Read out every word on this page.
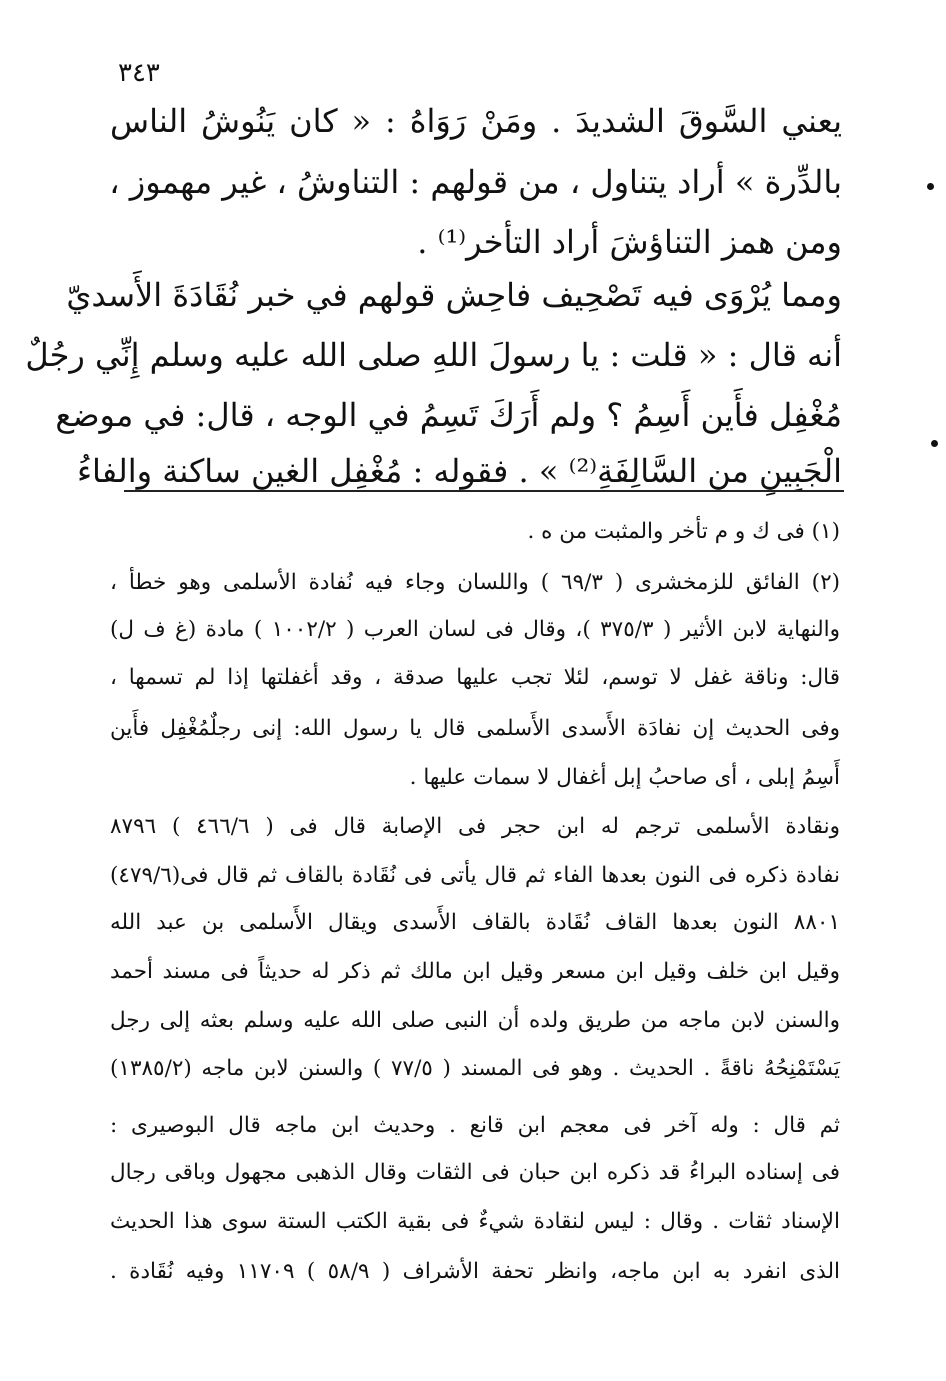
٣٤٣
يعني السَّوقَ الشديدَ . ومَنْ رَوَاهُ : « كان يَنُوشُ الناس
بالدِّرة » أراد يتناول ، من قولهم : التناوشُ ، غير مهموز ،
ومن همز التناؤشَ أراد التأخر⁽¹⁾ .
ومما يُرْوَى فيه تَصْحِيف فاحِش قولهم في خبر نُقَادَةَ الأَسديّ
أنه قال : « قلت : يا رسولَ اللهِ صلى الله عليه وسلم إِنِّي رجُلٌ
مُغْفِل فأَين أَسِمُ ؟ ولم أَرَكَ تَسِمُ في الوجه ، قال: في موضع
الْجَبِينِ من السَّالِفَةِ⁽²⁾ » . فقوله : مُغْفِل الغين ساكنة والفاءُ
(١) فى ك و م تأخر والمثبت من ه .
(٢) الفائق للزمخشرى ( ٦٩/٣ ) واللسان وجاء فيه نُفادة الأسلمى وهو خطأ ،
والنهاية لابن الأثير ( ٣٧٥/٣ )، وقال فى لسان العرب ( ١٠٠٢/٢ ) مادة (غ ف ل)
قال: وناقة غفل لا توسم، لئلا تجب عليها صدقة ، وقد أغفلتها إذا لم تسمها ،
وفى الحديث إن نفادَة الأَسدى الأَسلمى قال يا رسول الله: إنى رجلٌمُغْفِل فأَين
أَسِمُ إبلى ، أى صاحبُ إبل أغفال لا سمات عليها .
ونقادة الأسلمى ترجم له ابن حجر فى الإصابة قال فى ( ٤٦٦/٦ ) ٨٧٩٦
نفادة ذكره فى النون بعدها الفاء ثم قال يأتى فى نُقَادة بالقاف ثم قال فى(٤٧٩/٦)
٨٨٠١ النون بعدها القاف نُقَادة بالقاف الأَسدى ويقال الأَسلمى بن عبد الله
وقيل ابن خلف وقيل ابن مسعر وقيل ابن مالك ثم ذكر له حديثاً فى مسند أحمد
والسنن لابن ماجه من طريق ولده أن النبى صلى الله عليه وسلم بعثه إلى رجل
يَسْتَمْنِحُهُ ناقةً . الحديث . وهو فى المسند ( ٧٧/٥ ) والسنن لابن ماجه (١٣٨٥/٢)
ثم قال : وله آخر فى معجم ابن قانع . وحديث ابن ماجه قال البوصيرى :
فى إسناده البراءُ قد ذكره ابن حبان فى الثقات وقال الذهبى مجهول وباقى رجال
الإسناد ثقات . وقال : ليس لنقادة شيءٌ فى بقية الكتب الستة سوى هذا الحديث
الذى انفرد به ابن ماجه، وانظر تحفة الأشراف ( ٥٨/٩ ) ١١٧٠٩ وفيه نُقَادة .
